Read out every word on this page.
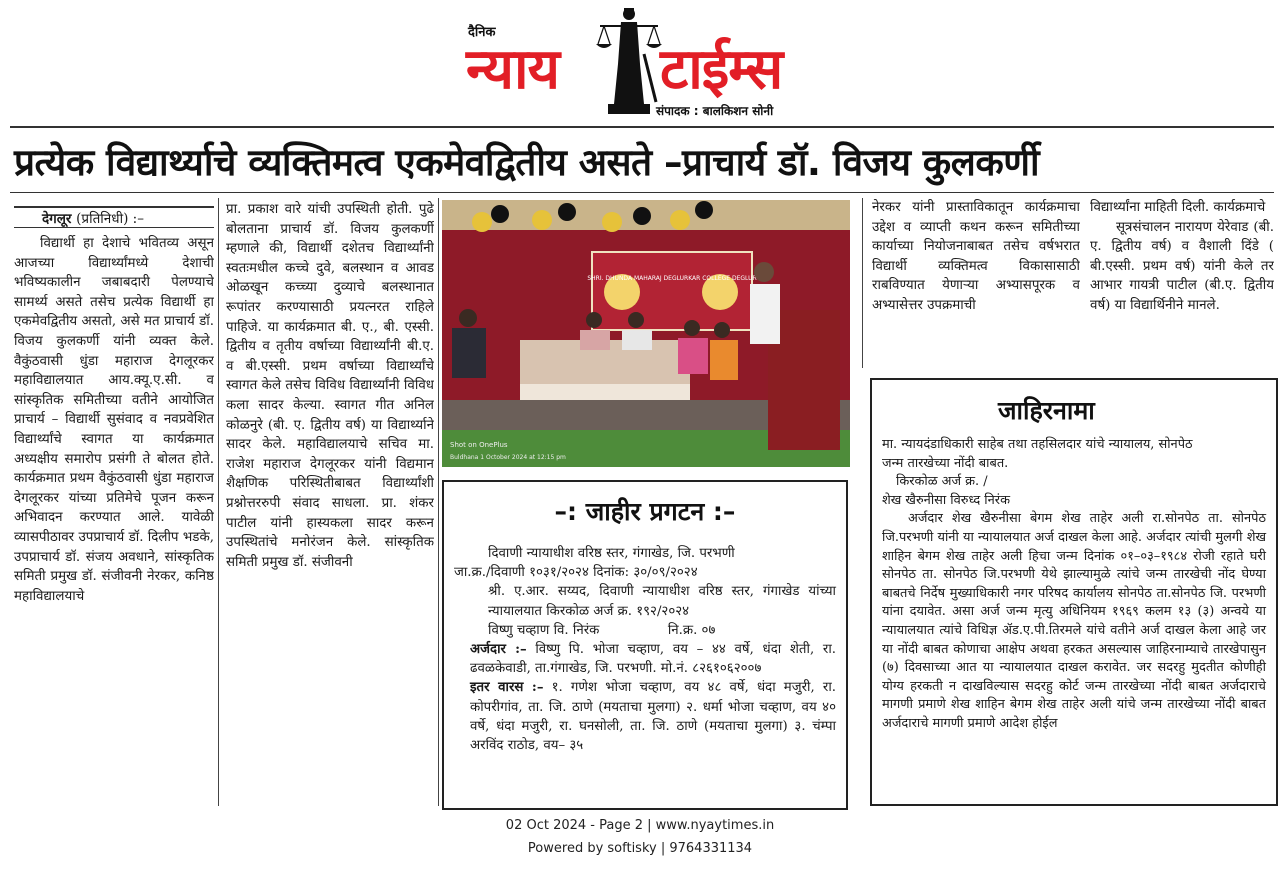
दैनिक
न्याय टाईम्स
संपादक : बालकिशन सोनी
प्रत्येक विद्यार्थ्याचे व्यक्तिमत्व एकमेवद्वितीय असते –प्राचार्य डॉ. विजय कुलकर्णी
देगलूर (प्रतिनिधी) :–

विद्यार्थी हा देशाचे भवितव्य असून आजच्या विद्यार्थ्यांमध्ये देशाची भविष्यकालीन जबाबदारी पेलण्याचे सामर्थ्य असते तसेच प्रत्येक विद्यार्थी हा एकमेवद्वितीय असतो, असे मत प्राचार्य डॉ. विजय कुलकर्णी यांनी व्यक्त केले. वैकुंठवासी धुंडा महाराज देगलूरकर महाविद्यालयात आय.क्यू.ए.सी. व सांस्कृतिक समितीच्या वतीने आयोजित प्राचार्य – विद्यार्थी सुसंवाद व नवप्रवेशित विद्यार्थ्यांचे स्वागत या कार्यक्रमात अध्यक्षीय समारोप प्रसंगी ते बोलत होते. कार्यक्रमात प्रथम वैकुंठवासी धुंडा महाराज देगलूरकर यांच्या प्रतिमेचे पूजन करून अभिवादन करण्यात आले. यावेळी व्यासपीठावर उपप्राचार्य डॉ. दिलीप भडके, उपप्राचार्य डॉ. संजय अवधाने, सांस्कृतिक समिती प्रमुख डॉ. संजीवनी नेरकर, कनिष्ठ महाविद्यालयाचे

प्रा. प्रकाश वारे यांची उपस्थिती होती. पुढे बोलताना प्राचार्य डॉ. विजय कुलकर्णी म्हणाले की, विद्यार्थी दशेतच विद्यार्थ्यांनी स्वतःमधील कच्चे दुवे, बलस्थान व आवड ओळखून कच्च्या दुव्याचे बलस्थानात रूपांतर करण्यासाठी प्रयत्नरत राहिले पाहिजे. या कार्यक्रमात बी. ए., बी. एस्सी. द्वितीय व तृतीय वर्षाच्या विद्यार्थ्यांनी बी.ए. व बी.एस्सी. प्रथम वर्षाच्या विद्यार्थ्यांचे स्वागत केले तसेच विविध विद्यार्थ्यांनी विविध कला सादर केल्या. स्वागत गीत अनिल कोळनुरे (बी. ए. द्वितीय वर्ष) या विद्यार्थ्याने सादर केले. महाविद्यालयाचे सचिव मा. राजेश महाराज देगलूरकर यांनी विद्यमान शैक्षणिक परिस्थितीबाबत विद्यार्थ्यांशी प्रश्नोत्तररुपी संवाद साधला. प्रा. शंकर पाटील यांनी हास्यकला सादर करून उपस्थितांचे मनोरंजन केले. सांस्कृतिक समिती प्रमुख डॉ. संजीवनी

SHRI. DHUNDA MAHARAJ DEGLURKAR COLLEGE DEGLUR
Shot on OnePlus
Buldhana 1 October 2024 at 12:15 pm

नेरकर यांनी प्रास्ताविकातून कार्यक्रमाचा उद्देश व व्याप्ती कथन करून समितीच्या कार्याच्या नियोजनाबाबत तसेच वर्षभरात विद्यार्थी व्यक्तिमत्व विकासासाठी राबविण्यात येणाऱ्या अभ्यासपूरक व अभ्यासेत्तर उपक्रमाची

विद्यार्थ्यांना माहिती दिली. कार्यक्रमाचे

सूत्रसंचालन नारायण येरेवाड (बी. ए. द्वितीय वर्ष) व वैशाली दिंडे ( बी.एस्सी. प्रथम वर्ष) यांनी केले तर आभार गायत्री पाटील (बी.ए. द्वितीय वर्ष) या विद्यार्थिनीने मानले.

–: जाहीर प्रगटन :–

दिवाणी न्यायाधीश वरिष्ठ स्तर, गंगाखेड, जि. परभणी

जा.क्र./दिवाणी १०३१/२०२४ दिनांक: ३०/०९/२०२४

श्री. ए.आर. सय्यद, दिवाणी न्यायाधीश वरिष्ठ स्तर, गंगाखेड यांच्या न्यायालयात किरकोळ अर्ज क्र. १९२/२०२४

विष्णु चव्हाण वि. निरंक	नि.क्र. ०७

अर्जदार :– विष्णु पि. भोजा चव्हाण, वय – ४४ वर्षे, धंदा शेती, रा. ढवळकेवाडी, ता.गंगाखेड, जि. परभणी. मो.नं. ८२६१०६२००७

इतर वारस :– १. गणेश भोजा चव्हाण, वय ४८ वर्षे, धंदा मजुरी, रा. कोपरीगांव, ता. जि. ठाणे (मयताचा मुलगा) २. धर्मा भोजा चव्हाण, वय ४० वर्षे, धंदा मजुरी, रा. घनसोली, ता. जि. ठाणे (मयताचा मुलगा) ३. चंम्पा अरविंद राठोड, वय– ३५

जाहिरनामा

मा. न्यायदंडाधिकारी साहेब तथा तहसिलदार यांचे न्यायालय, सोनपेठ

जन्म तारखेच्या नोंदी बाबत.

किरकोळ अर्ज क्र. /

शेख खैरुनीसा विरुध्द निरंक

अर्जदार शेख खैरुनीसा बेगम शेख ताहेर अली रा.सोनपेठ ता. सोनपेठ जि.परभणी यांनी या न्यायालयात अर्ज दाखल केला आहे. अर्जदार त्यांची मुलगी शेख शाहिन बेगम शेख ताहेर अली हिचा जन्म दिनांक ०१–०३–१९८४ रोजी रहाते घरी सोनपेठ ता. सोनपेठ जि.परभणी येथे झाल्यामुळे त्यांचे जन्म तारखेची नोंद घेण्या बाबतचे निर्देष मुख्याधिकारी नगर परिषद कार्यालय सोनपेठ ता.सोनपेठ जि. परभणी यांना दयावेत. असा अर्ज जन्म मृत्यु अधिनियम १९६९ कलम १३ (३) अन्वये या न्यायालयात त्यांचे विधिज्ञ ॲड.ए.पी.तिरमले यांचे वतीने अर्ज दाखल केला आहे जर या नोंदी बाबत कोणाचा आक्षेप अथवा हरकत असल्यास जाहिरनाम्याचे तारखेपासुन (७) दिवसाच्या आत या न्यायालयात दाखल करावेत. जर सदरहु मुदतीत कोणीही योग्य हरकती न दाखविल्यास सदरहु कोर्ट जन्म तारखेच्या नोंदी बाबत अर्जदाराचे मागणी प्रमाणे शेख शाहिन बेगम शेख ताहेर अली यांचे जन्म तारखेच्या नोंदी बाबत अर्जदाराचे मागणी प्रमाणे आदेश होईल

02 Oct 2024 - Page 2 | www.nyaytimes.in
Powered by softisky | 9764331134
